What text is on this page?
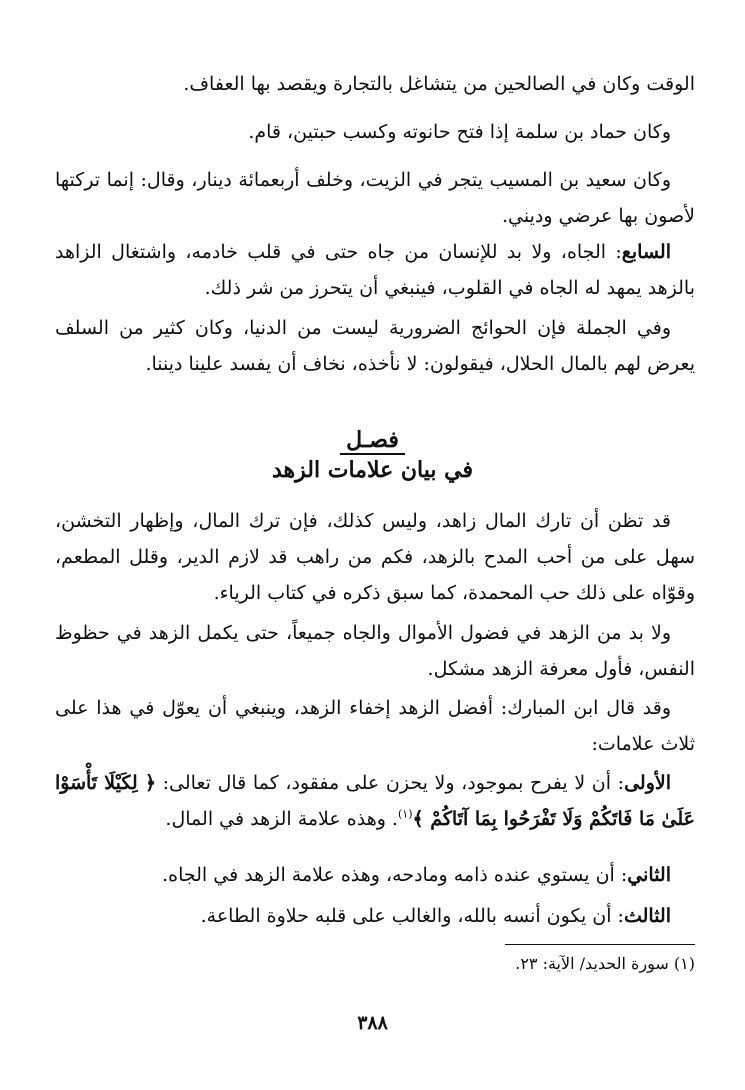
الوقت وكان في الصالحين من يتشاغل بالتجارة ويقصد بها العفاف.

وكان حماد بن سلمة إذا فتح حانوته وكسب حبتين، قام.

وكان سعيد بن المسيب يتجر في الزيت، وخلف أربعمائة دينار، وقال: إنما تركتها لأصون بها عرضي وديني.

السابع: الجاه، ولا بد للإنسان من جاه حتى في قلب خادمه، واشتغال الزاهد بالزهد يمهد له الجاه في القلوب، فينبغي أن يتحرز من شر ذلك.

وفي الجملة فإن الحوائج الضرورية ليست من الدنيا، وكان كثير من السلف يعرض لهم بالمال الحلال، فيقولون: لا نأخذه، نخاف أن يفسد علينا ديننا.

فصـل
في بيان علامات الزهد

قد تظن أن تارك المال زاهد، وليس كذلك، فإن ترك المال، وإظهار التخشن، سهل على من أحب المدح بالزهد، فكم من راهب قد لازم الدير، وقلل المطعم، وقوّاه على ذلك حب المحمدة، كما سبق ذكره في كتاب الرياء.

ولا بد من الزهد في فضول الأموال والجاه جميعاً، حتى يكمل الزهد في حظوظ النفس، فأول معرفة الزهد مشكل.

وقد قال ابن المبارك: أفضل الزهد إخفاء الزهد، وينبغي أن يعوّل في هذا على ثلاث علامات:

الأولى: أن لا يفرح بموجود، ولا يحزن على مفقود، كما قال تعالى: ﴿ لِكَيْلَا تَأْسَوْا عَلَىٰ مَا فَاتَكُمْ وَلَا تَفْرَحُوا بِمَا آتَاكُمْ ﴾$^{(١)}$. وهذه علامة الزهد في المال.

الثاني: أن يستوي عنده ذامه ومادحه، وهذه علامة الزهد في الجاه.

الثالث: أن يكون أنسه بالله، والغالب على قلبه حلاوة الطاعة.

(١) سورة الحديد/ الآية: ٢٣.

٣٨٨
